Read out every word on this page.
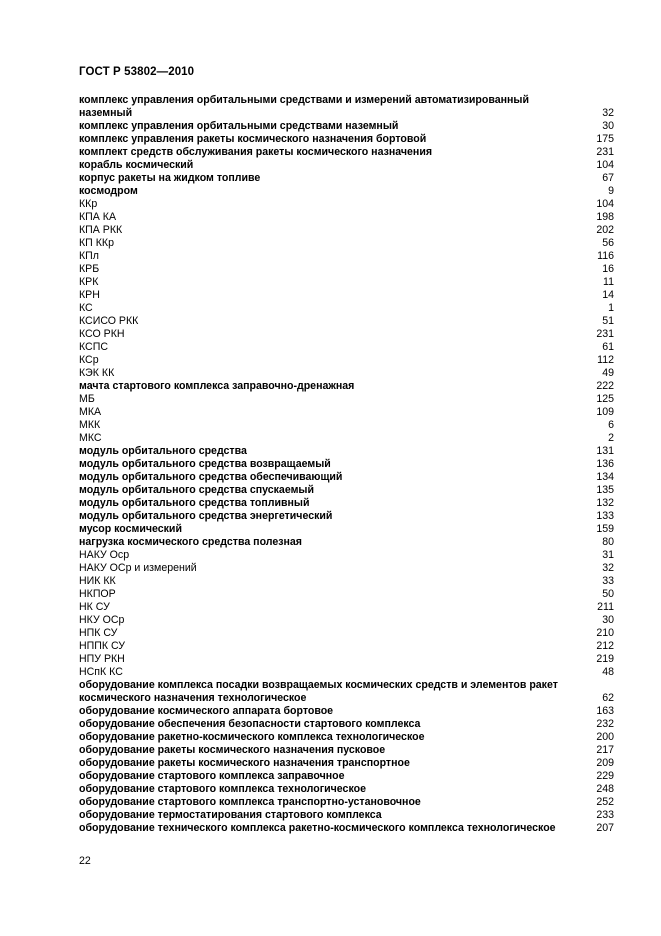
ГОСТ Р 53802—2010
комплекс управления орбитальными средствами и измерений автоматизированный
наземный	32
комплекс управления орбитальными средствами наземный	30
комплекс управления ракеты космического назначения бортовой	175
комплект средств обслуживания ракеты космического назначения	231
корабль космический	104
корпус ракеты на жидком топливе	67
космодром	9
ККр	104
КПА КА	198
КПА РКК	202
КП ККр	56
КПл	116
КРБ	16
КРК	11
КРН	14
КС	1
КСИСО РКК	51
КСО РКН	231
КСПС	61
КСр	112
КЭК КК	49
мачта стартового комплекса заправочно-дренажная	222
МБ	125
МКА	109
МКК	6
МКС	2
модуль орбитального средства	131
модуль орбитального средства возвращаемый	136
модуль орбитального средства обеспечивающий	134
модуль орбитального средства спускаемый	135
модуль орбитального средства топливный	132
модуль орбитального средства энергетический	133
мусор космический	159
нагрузка космического средства полезная	80
НАКУ Оср	31
НАКУ ОСр и измерений	32
НИК КК	33
НКПОР	50
НК СУ	211
НКУ ОСр	30
НПК СУ	210
НППК СУ	212
НПУ РКН	219
НСпК КС	48
оборудование комплекса посадки возвращаемых космических средств и элементов ракет
космического назначения технологическое	62
оборудование космического аппарата бортовое	163
оборудование обеспечения безопасности стартового комплекса	232
оборудование ракетно-космического комплекса технологическое	200
оборудование ракеты космического назначения пусковое	217
оборудование ракеты космического назначения транспортное	209
оборудование стартового комплекса заправочное	229
оборудование стартового комплекса технологическое	248
оборудование стартового комплекса транспортно-установочное	252
оборудование термостатирования стартового комплекса	233
оборудование технического комплекса ракетно-космического комплекса технологическое	207
22
